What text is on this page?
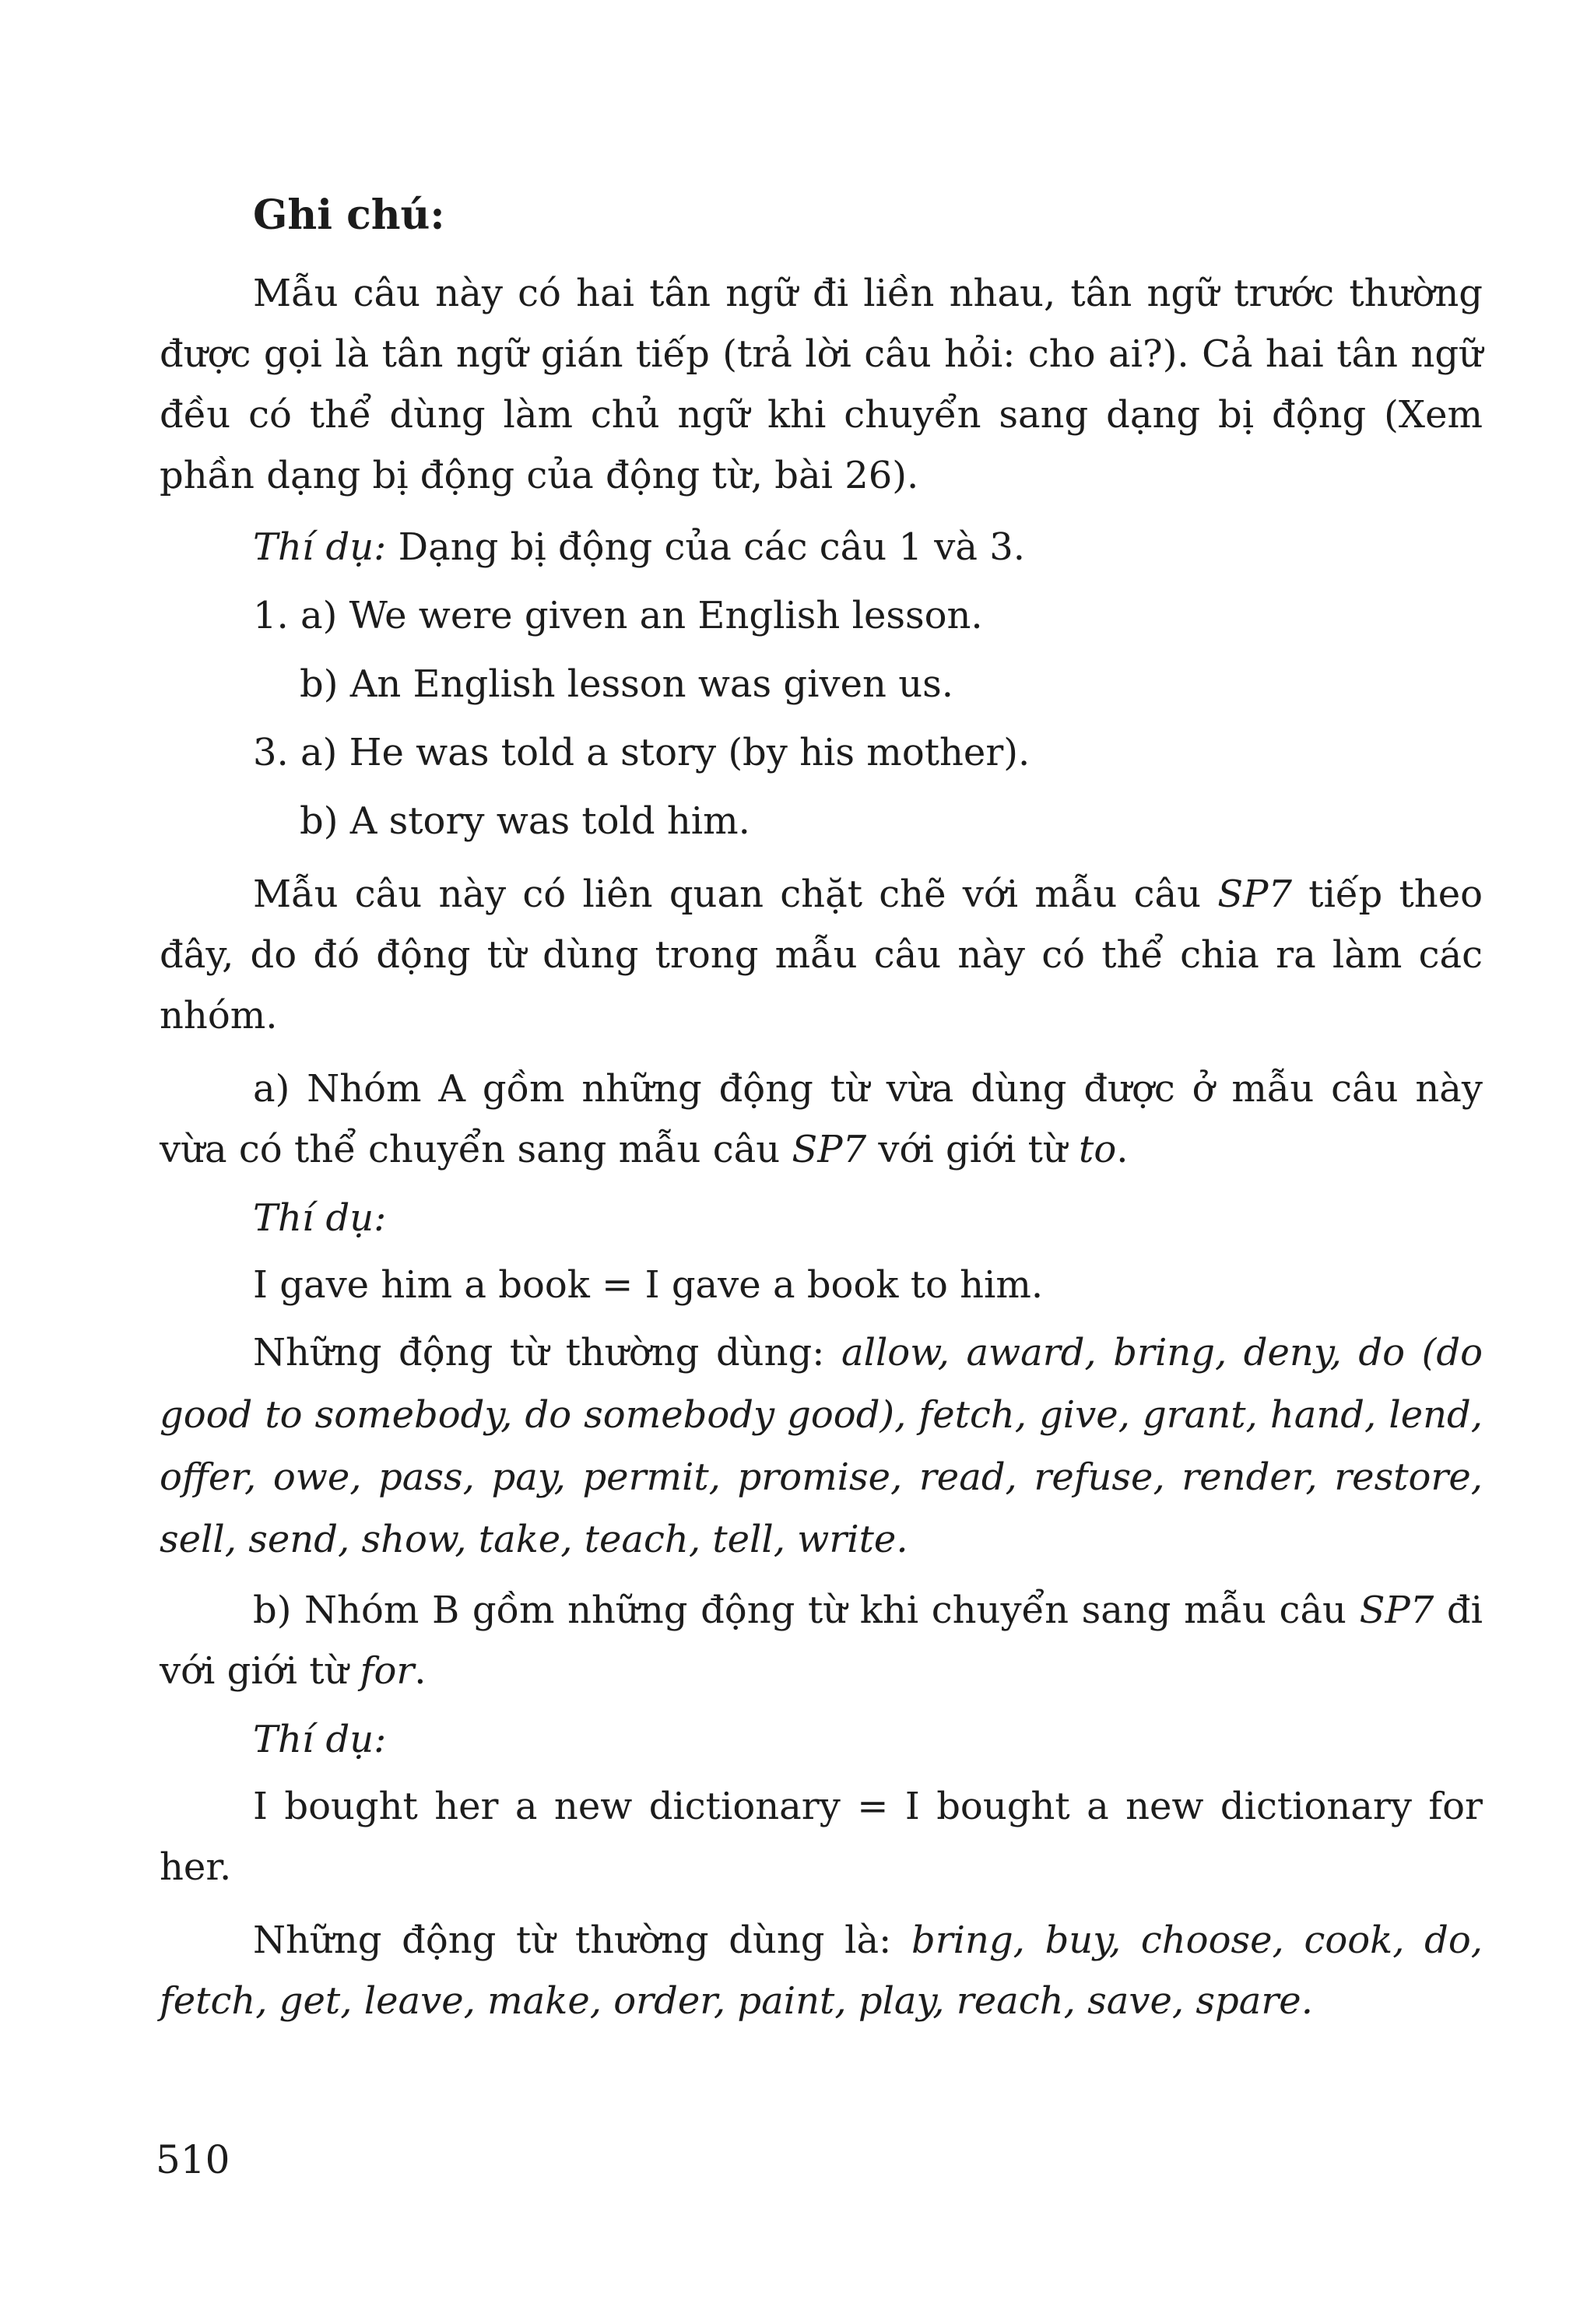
Ghi chú:

Mẫu câu này có hai tân ngữ đi liền nhau, tân ngữ trước thường được gọi là tân ngữ gián tiếp (trả lời câu hỏi: cho ai?). Cả hai tân ngữ đều có thể dùng làm chủ ngữ khi chuyển sang dạng bị động (Xem phần dạng bị động của động từ, bài 26).

Thí dụ: Dạng bị động của các câu 1 và 3.

1. a) We were given an English lesson.

b) An English lesson was given us.

3. a) He was told a story (by his mother).

b) A story was told him.

Mẫu câu này có liên quan chặt chẽ với mẫu câu SP7 tiếp theo đây, do đó động từ dùng trong mẫu câu này có thể chia ra làm các nhóm.

a) Nhóm A gồm những động từ vừa dùng được ở mẫu câu này vừa có thể chuyển sang mẫu câu SP7 với giới từ to.

Thí dụ:

I gave him a book = I gave a book to him.

Những động từ thường dùng: allow, award, bring, deny, do (do good to somebody, do somebody good), fetch, give, grant, hand, lend, offer, owe, pass, pay, permit, promise, read, refuse, render, restore, sell, send, show, take, teach, tell, write.

b) Nhóm B gồm những động từ khi chuyển sang mẫu câu SP7 đi với giới từ for.

Thí dụ:

I bought her a new dictionary = I bought a new dictionary for her.

Những động từ thường dùng là: bring, buy, choose, cook, do, fetch, get, leave, make, order, paint, play, reach, save, spare.

510
